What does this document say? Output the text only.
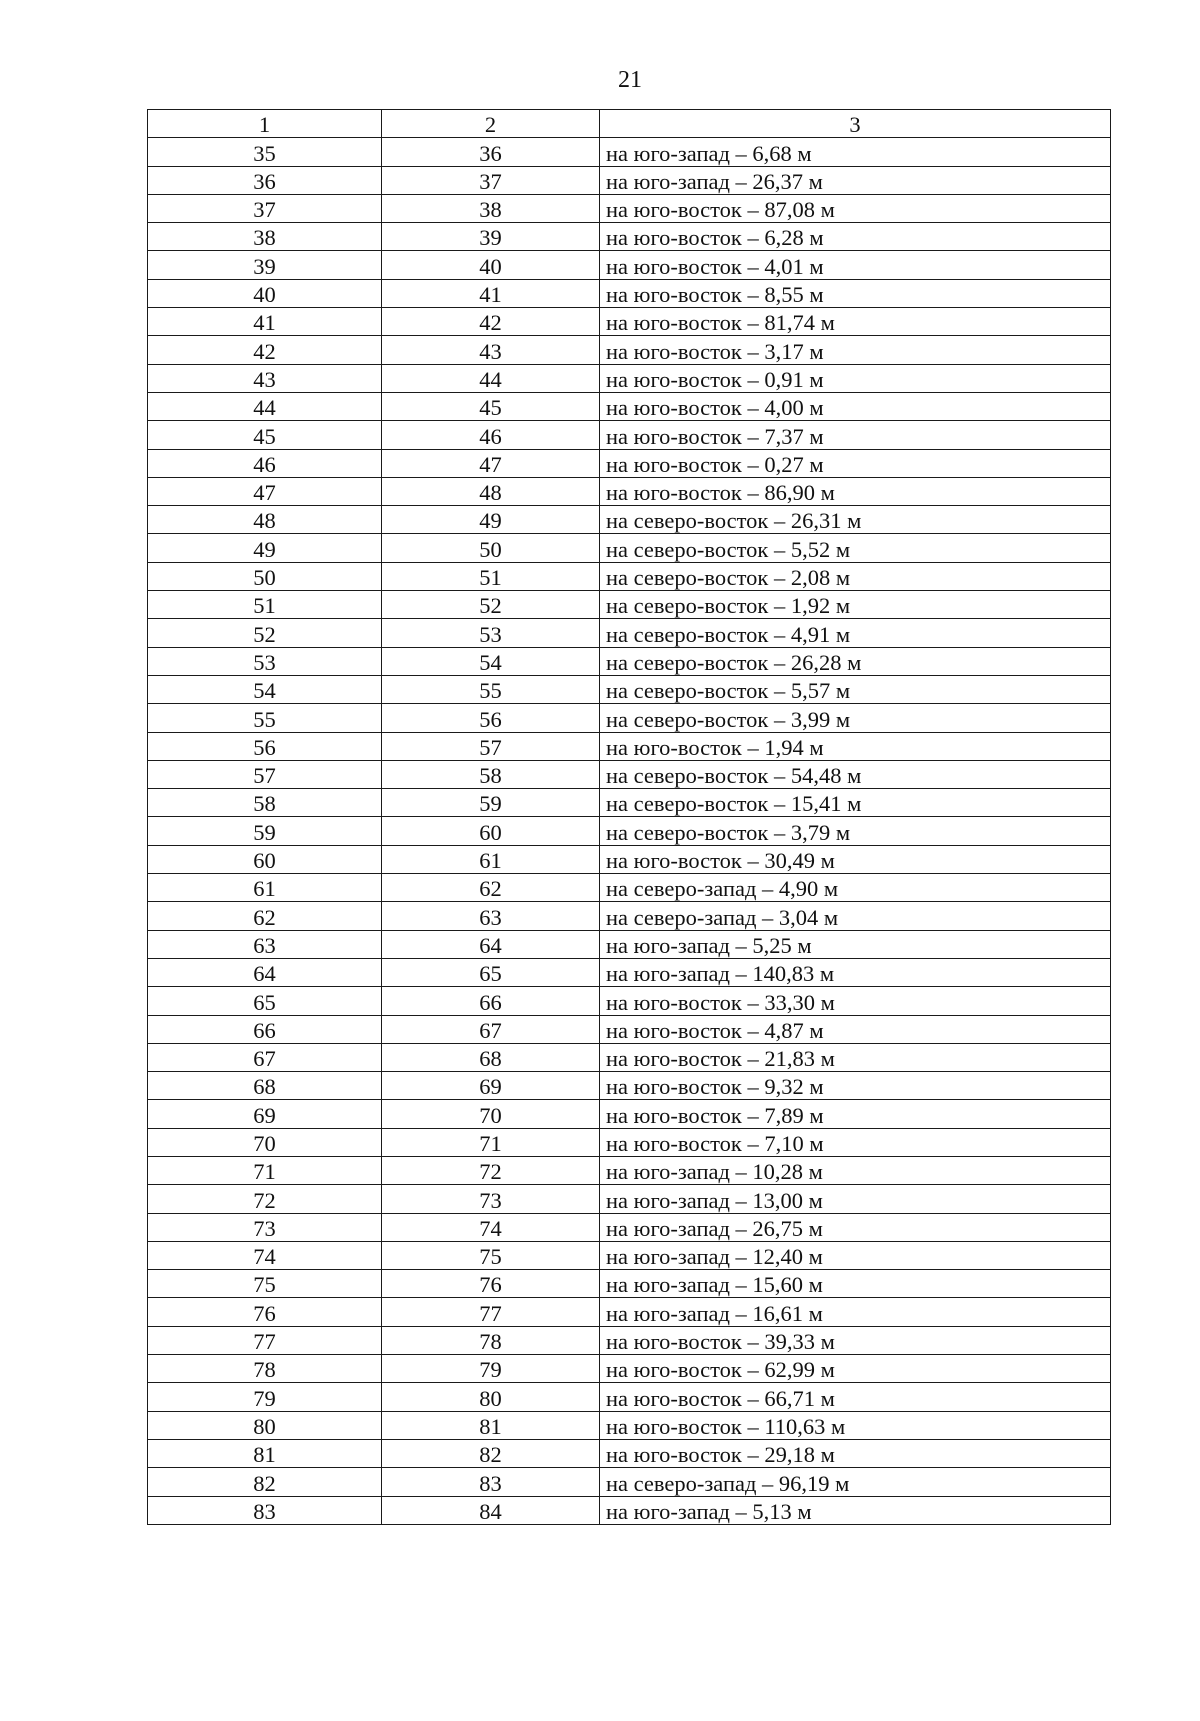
21
1	2	3
35	36	на юго-запад – 6,68 м
36	37	на юго-запад – 26,37 м
37	38	на юго-восток – 87,08 м
38	39	на юго-восток – 6,28 м
39	40	на юго-восток – 4,01 м
40	41	на юго-восток – 8,55 м
41	42	на юго-восток – 81,74 м
42	43	на юго-восток – 3,17 м
43	44	на юго-восток – 0,91 м
44	45	на юго-восток – 4,00 м
45	46	на юго-восток – 7,37 м
46	47	на юго-восток – 0,27 м
47	48	на юго-восток – 86,90 м
48	49	на северо-восток – 26,31 м
49	50	на северо-восток – 5,52 м
50	51	на северо-восток – 2,08 м
51	52	на северо-восток – 1,92 м
52	53	на северо-восток – 4,91 м
53	54	на северо-восток – 26,28 м
54	55	на северо-восток – 5,57 м
55	56	на северо-восток – 3,99 м
56	57	на юго-восток – 1,94 м
57	58	на северо-восток – 54,48 м
58	59	на северо-восток – 15,41 м
59	60	на северо-восток – 3,79 м
60	61	на юго-восток – 30,49 м
61	62	на северо-запад – 4,90 м
62	63	на северо-запад – 3,04 м
63	64	на юго-запад – 5,25 м
64	65	на юго-запад – 140,83 м
65	66	на юго-восток – 33,30 м
66	67	на юго-восток – 4,87 м
67	68	на юго-восток – 21,83 м
68	69	на юго-восток – 9,32 м
69	70	на юго-восток – 7,89 м
70	71	на юго-восток – 7,10 м
71	72	на юго-запад – 10,28 м
72	73	на юго-запад – 13,00 м
73	74	на юго-запад – 26,75 м
74	75	на юго-запад – 12,40 м
75	76	на юго-запад – 15,60 м
76	77	на юго-запад – 16,61 м
77	78	на юго-восток – 39,33 м
78	79	на юго-восток – 62,99 м
79	80	на юго-восток – 66,71 м
80	81	на юго-восток – 110,63 м
81	82	на юго-восток – 29,18 м
82	83	на северо-запад – 96,19 м
83	84	на юго-запад – 5,13 м
